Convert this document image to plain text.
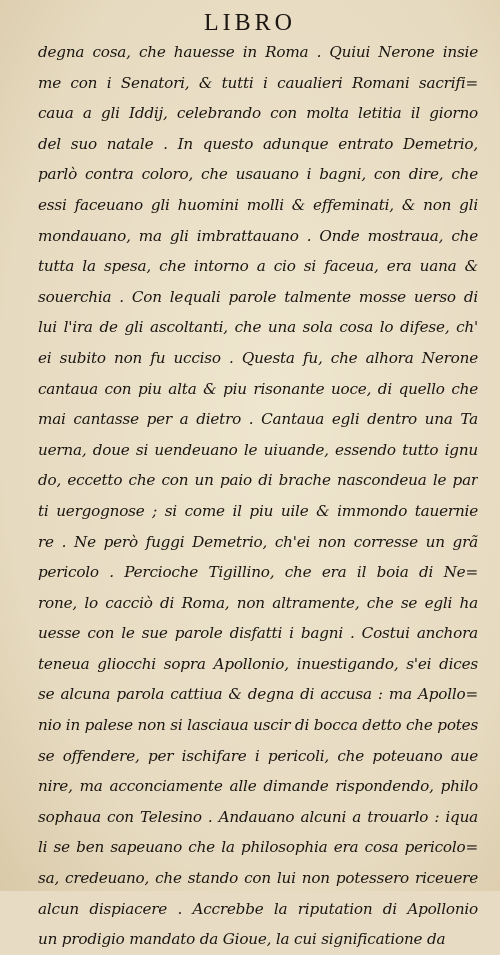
LIBRO
degna cosa, che hauesse in Roma . Quiui Nerone insie
me con i Senatori, & tutti i caualieri Romani sacrifi=
caua a gli Iddij, celebrando con molta letitia il giorno
del suo natale . In questo adunque entrato Demetrio,
parlò contra coloro, che usauano i bagni, con dire, che
essi faceuano gli huomini molli & effeminati, & non gli
mondauano, ma gli imbrattauano . Onde mostraua, che
tutta la spesa, che intorno a cio si faceua, era uana &
souerchia . Con lequali parole talmente mosse uerso di
lui l'ira de gli ascoltanti, che una sola cosa lo difese, ch'
ei subito non fu ucciso . Questa fu, che alhora Nerone
cantaua con piu alta & piu risonante uoce, di quello che
mai cantasse per a dietro . Cantaua egli dentro una Ta
uerna, doue si uendeuano le uiuande, essendo tutto ignu
do, eccetto che con un paio di brache nascondeua le par
ti uergognose ; si come il piu uile & immondo tauernie
re . Ne però fuggi Demetrio, ch'ei non corresse un grã
pericolo . Percioche Tigillino, che era il boia di Ne=
rone, lo cacciò di Roma, non altramente, che se egli ha
uesse con le sue parole disfatti i bagni . Costui anchora
teneua gliocchi sopra Apollonio, inuestigando, s'ei dices
se alcuna parola cattiua & degna di accusa : ma Apollo=
nio in palese non si lasciaua uscir di bocca detto che potes
se offendere, per ischifare i pericoli, che poteuano aue
nire, ma acconciamente alle dimande rispondendo, philo
sophaua con Telesino . Andauano alcuni a trouarlo : iqua
li se ben sapeuano che la philosophia era cosa pericolo=
sa, credeuano, che stando con lui non potessero riceuere
alcun dispiacere . Accrebbe la riputation di Apollonio
un prodigio mandato da Gioue, la cui significatione da
